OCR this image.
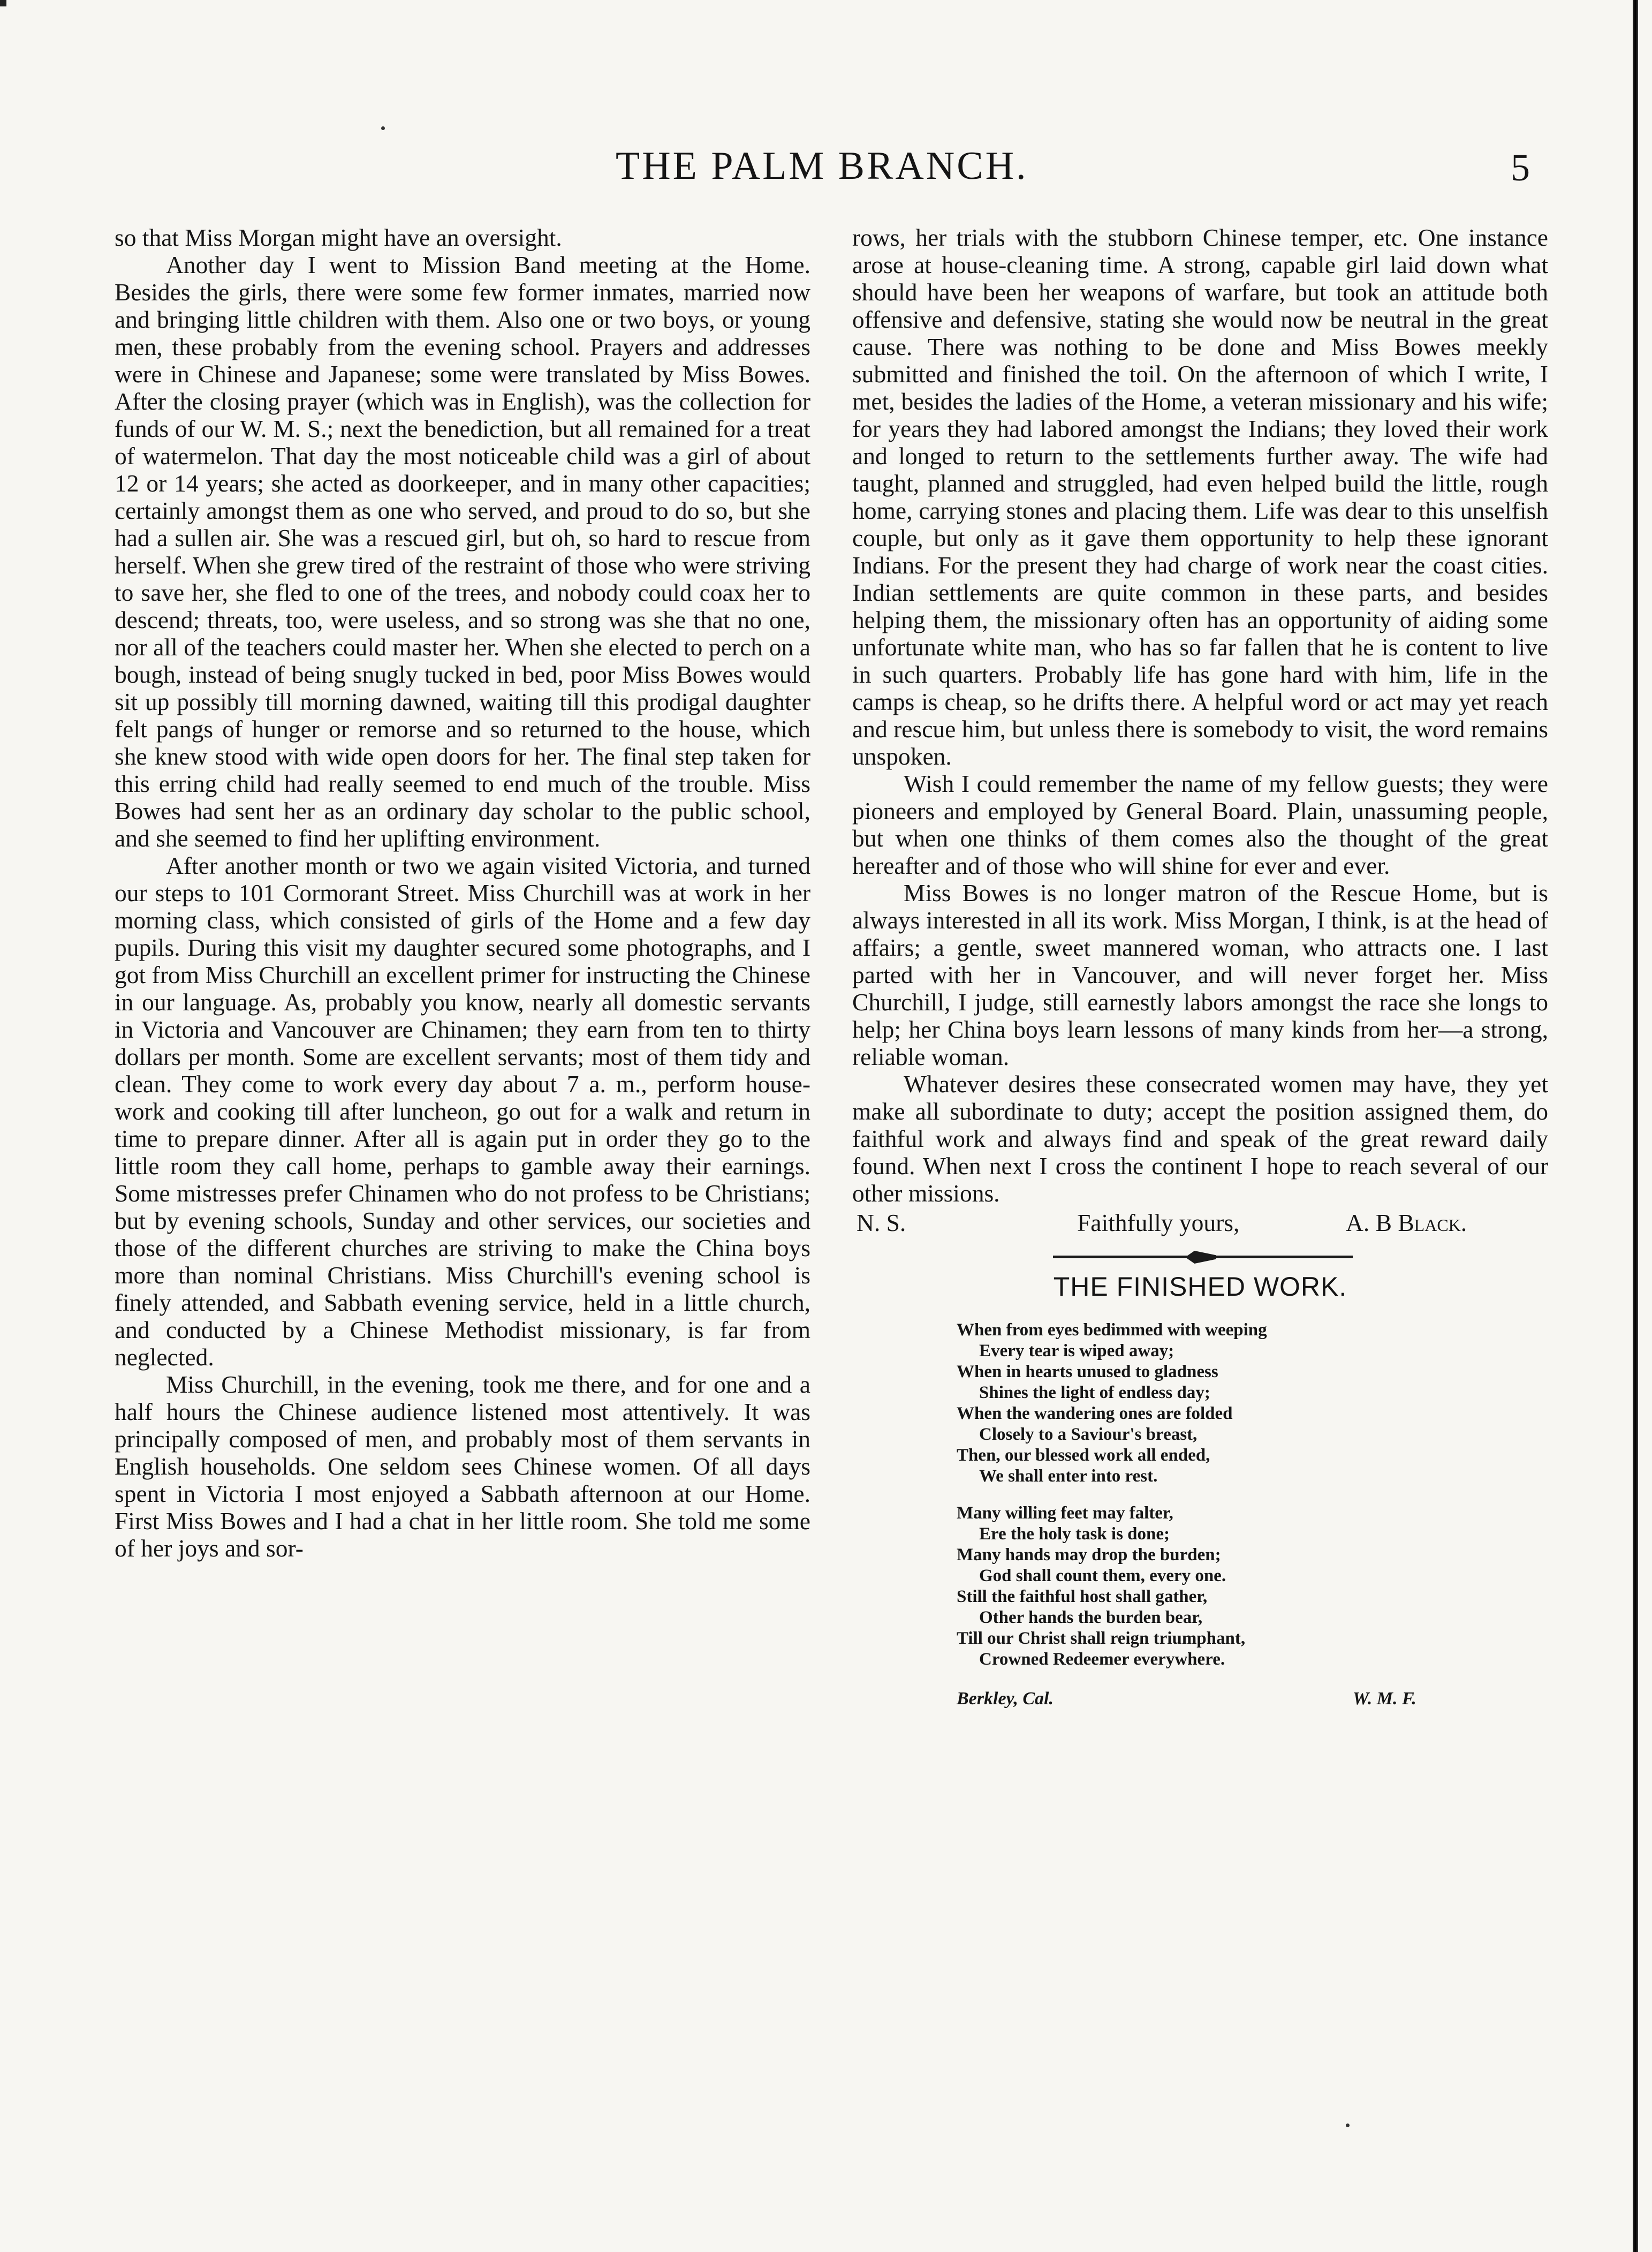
THE PALM BRANCH.	5

so that Miss Morgan might have an oversight.

Another day I went to Mission Band meeting at the Home. Besides the girls, there were some few former inmates, married now and bringing little children with them. Also one or two boys, or young men, these probably from the evening school. Prayers and addresses were in Chinese and Japanese; some were translated by Miss Bowes. After the closing prayer (which was in English), was the collection for funds of our W. M. S.; next the benediction, but all remained for a treat of watermelon. That day the most noticeable child was a girl of about 12 or 14 years; she acted as doorkeeper, and in many other capacities; certainly amongst them as one who served, and proud to do so, but she had a sullen air. She was a rescued girl, but oh, so hard to rescue from herself. When she grew tired of the restraint of those who were striving to save her, she fled to one of the trees, and nobody could coax her to descend; threats, too, were useless, and so strong was she that no one, nor all of the teachers could master her. When she elected to perch on a bough, instead of being snugly tucked in bed, poor Miss Bowes would sit up possibly till morning dawned, waiting till this prodigal daughter felt pangs of hunger or remorse and so returned to the house, which she knew stood with wide open doors for her. The final step taken for this erring child had really seemed to end much of the trouble. Miss Bowes had sent her as an ordinary day scholar to the public school, and she seemed to find her uplifting environment.

After another month or two we again visited Victoria, and turned our steps to 101 Cormorant Street. Miss Churchill was at work in her morning class, which consisted of girls of the Home and a few day pupils. During this visit my daughter secured some photographs, and I got from Miss Churchill an excellent primer for instructing the Chinese in our language. As, probably you know, nearly all domestic servants in Victoria and Vancouver are Chinamen; they earn from ten to thirty dollars per month. Some are excellent servants; most of them tidy and clean. They come to work every day about 7 a. m., perform house-work and cooking till after luncheon, go out for a walk and return in time to prepare dinner. After all is again put in order they go to the little room they call home, perhaps to gamble away their earnings. Some mistresses prefer Chinamen who do not profess to be Christians; but by evening schools, Sunday and other services, our societies and those of the different churches are striving to make the China boys more than nominal Christians. Miss Churchill's evening school is finely attended, and Sabbath evening service, held in a little church, and conducted by a Chinese Methodist missionary, is far from neglected.

Miss Churchill, in the evening, took me there, and for one and a half hours the Chinese audience listened most attentively. It was principally composed of men, and probably most of them servants in English households. One seldom sees Chinese women. Of all days spent in Victoria I most enjoyed a Sabbath afternoon at our Home. First Miss Bowes and I had a chat in her little room. She told me some of her joys and sor-

rows, her trials with the stubborn Chinese temper, etc. One instance arose at house-cleaning time. A strong, capable girl laid down what should have been her weapons of warfare, but took an attitude both offensive and defensive, stating she would now be neutral in the great cause. There was nothing to be done and Miss Bowes meekly submitted and finished the toil. On the afternoon of which I write, I met, besides the ladies of the Home, a veteran missionary and his wife; for years they had labored amongst the Indians; they loved their work and longed to return to the settlements further away. The wife had taught, planned and struggled, had even helped build the little, rough home, carrying stones and placing them. Life was dear to this unselfish couple, but only as it gave them opportunity to help these ignorant Indians. For the present they had charge of work near the coast cities. Indian settlements are quite common in these parts, and besides helping them, the missionary often has an opportunity of aiding some unfortunate white man, who has so far fallen that he is content to live in such quarters. Probably life has gone hard with him, life in the camps is cheap, so he drifts there. A helpful word or act may yet reach and rescue him, but unless there is somebody to visit, the word remains unspoken.

Wish I could remember the name of my fellow guests; they were pioneers and employed by General Board. Plain, unassuming people, but when one thinks of them comes also the thought of the great hereafter and of those who will shine for ever and ever.

Miss Bowes is no longer matron of the Rescue Home, but is always interested in all its work. Miss Morgan, I think, is at the head of affairs; a gentle, sweet mannered woman, who attracts one. I last parted with her in Vancouver, and will never forget her. Miss Churchill, I judge, still earnestly labors amongst the race she longs to help; her China boys learn lessons of many kinds from her—a strong, reliable woman.

Whatever desires these consecrated women may have, they yet make all subordinate to duty; accept the position assigned them, do faithful work and always find and speak of the great reward daily found. When next I cross the continent I hope to reach several of our other missions.

N. S.	Faithfully yours,	A. B Black.
THE FINISHED WORK.
When from eyes bedimmed with weeping
Every tear is wiped away;
When in hearts unused to gladness
Shines the light of endless day;
When the wandering ones are folded
Closely to a Saviour's breast,
Then, our blessed work all ended,
We shall enter into rest.
Many willing feet may falter,
Ere the holy task is done;
Many hands may drop the burden;
God shall count them, every one.
Still the faithful host shall gather,
Other hands the burden bear,
Till our Christ shall reign triumphant,
Crowned Redeemer everywhere.
Berkley, Cal.	W. M. F.
